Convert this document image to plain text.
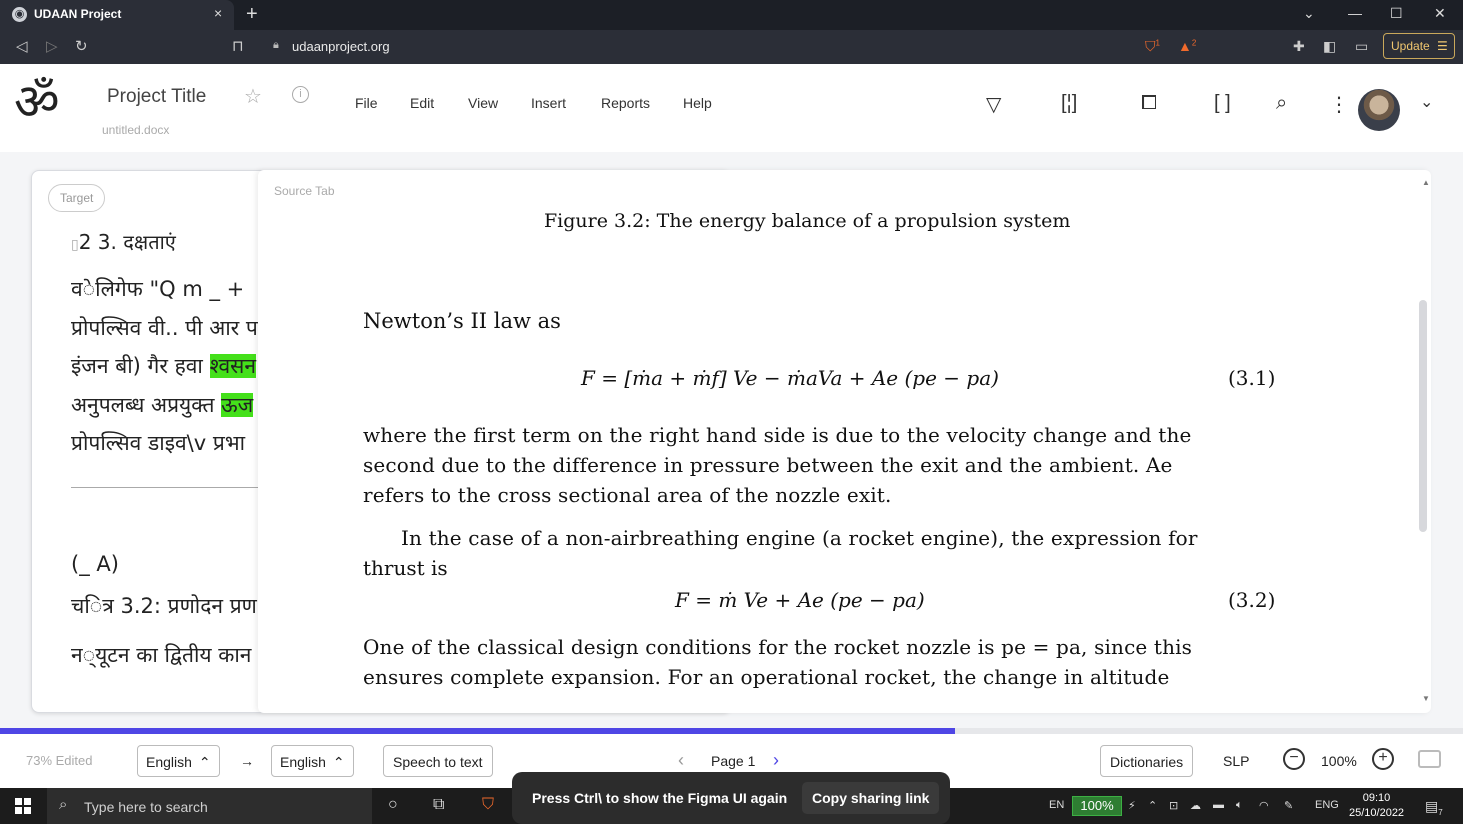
◉ UDAAN Project	× +	⌄ — ☐ ✕
◁ ▷ ↻	⊓	🔒︎ udaanproject.org	⛉$^1$ ▲$^2$	✚ ◧ ▭	Update ☰
ॐ Project Title
untitled.docx
☆	i
File Edit View Insert Reports Help	▽	[¦]	⧠	[ ] ⌕ ⋮	⌄
Target
▯2 3. दक्षताएं
व◌ेलिगेफ "Q m _ +
प्रोपल्सिव वी.. पी आर प
इंजन बी) गैर हवा श्वसन
अनुपलब्ध अप्रयुक्त ऊज
प्रोपल्सिव डाइव\v प्रभा
(_ A)
च◌ित्र 3.2: प्रणोदन प्रण
न◌्यूटन का द्वितीय कान
Source Tab
Figure 3.2: The energy balance of a propulsion system
Newton’s II law as
F = [ṁa + ṁf] Ve − ṁaVa + Ae (pe − pa)	(3.1)
where the first term on the right hand side is due to the velocity change and the
second due to the difference in pressure between the exit and the ambient. Ae
refers to the cross sectional area of the nozzle exit.
In the case of a non-airbreathing engine (a rocket engine), the expression for
thrust is
F = ṁ Ve + Ae (pe − pa)	(3.2)
One of the classical design conditions for the rocket nozzle is pe = pa, since this
ensures complete expansion. For an operational rocket, the change in altitude
▲
▼
73% Edited	English ⌃	→	English ⌃	Speech to text	‹ Page 1 ›	Dictionaries	SLP	−	100%	+
⌕ Type here to search	○ ⧉ ⛉	EN	100%	⚡ ⌃ ⊡ ☁ ▬ 🔈︎ ◠ ✎ ENG
09:10
25/10/2022 $▤_7$
Press Ctrl\ to show the Figma UI again	Copy sharing link
